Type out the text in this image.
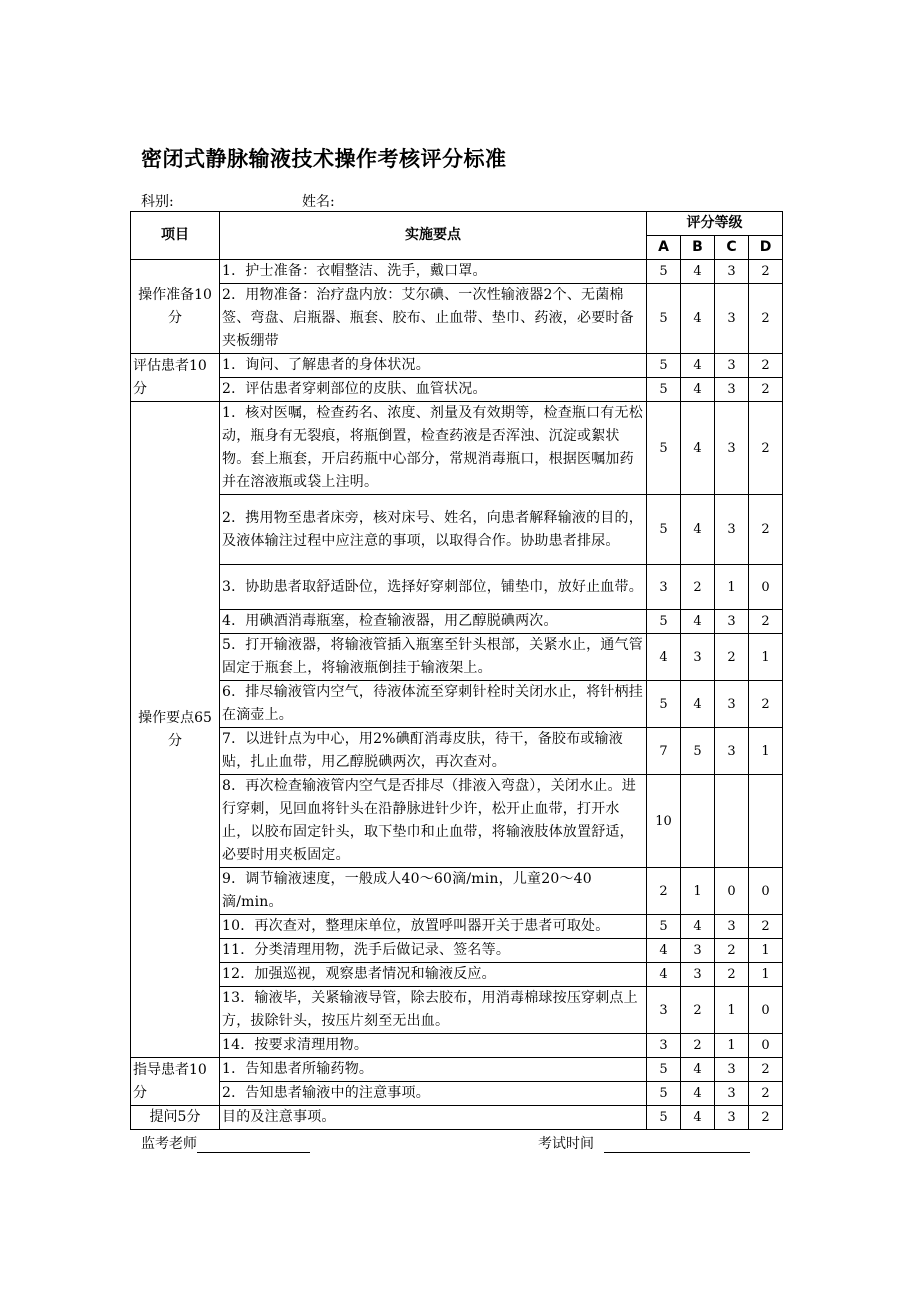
密闭式静脉输液技术操作考核评分标准
科别:	姓名:
项目	实施要点	评分等级			
		A	B	C	D
操作准备10分	1．护士准备：衣帽整洁、洗手，戴口罩。	5	4	3	2
	2．用物准备：治疗盘内放：艾尔碘、一次性输液器2个、无菌棉签、弯盘、启瓶器、瓶套、胶布、止血带、垫巾、药液，必要时备夹板绷带	5	4	3	2
评估患者10分	1．询问、了解患者的身体状况。	5	4	3	2
	2．评估患者穿刺部位的皮肤、血管状况。	5	4	3	2
操作要点65分	1．核对医嘱，检查药名、浓度、剂量及有效期等，检查瓶口有无松动，瓶身有无裂痕，将瓶倒置，检查药液是否浑浊、沉淀或絮状物。套上瓶套，开启药瓶中心部分，常规消毒瓶口，根据医嘱加药并在溶液瓶或袋上注明。	5	4	3	2
	2．携用物至患者床旁，核对床号、姓名，向患者解释输液的目的，及液体输注过程中应注意的事项，以取得合作。协助患者排尿。	5	4	3	2
	3．协助患者取舒适卧位，选择好穿刺部位，铺垫巾，放好止血带。	3	2	1	0
	4．用碘酒消毒瓶塞，检查输液器，用乙醇脱碘两次。	5	4	3	2
	5．打开输液器，将输液管插入瓶塞至针头根部，关紧水止，通气管固定于瓶套上，将输液瓶倒挂于输液架上。	4	3	2	1
	6．排尽输液管内空气，待液体流至穿刺针栓时关闭水止，将针柄挂在滴壶上。	5	4	3	2
	7．以进针点为中心，用2%碘酊消毒皮肤，待干，备胶布或输液贴，扎止血带，用乙醇脱碘两次，再次查对。	7	5	3	1
	8．再次检查输液管内空气是否排尽（排液入弯盘），关闭水止。进行穿刺，见回血将针头在沿静脉进针少许，松开止血带，打开水止，以胶布固定针头，取下垫巾和止血带，将输液肢体放置舒适，必要时用夹板固定。	10			
	9．调节输液速度，一般成人40～60滴/min，儿童20～40滴/min。	2	1	0	0
	10．再次查对，整理床单位，放置呼叫器开关于患者可取处。	5	4	3	2
	11．分类清理用物，洗手后做记录、签名等。	4	3	2	1
	12．加强巡视，观察患者情况和输液反应。	4	3	2	1
	13．输液毕，关紧输液导管，除去胶布，用消毒棉球按压穿刺点上方，拔除针头，按压片刻至无出血。	3	2	1	0
	14．按要求清理用物。	3	2	1	0
指导患者10分	1．告知患者所输药物。	5	4	3	2
	2．告知患者输液中的注意事项。	5	4	3	2
提问5分	目的及注意事项。	5	4	3	2
监考老师	考试时间
